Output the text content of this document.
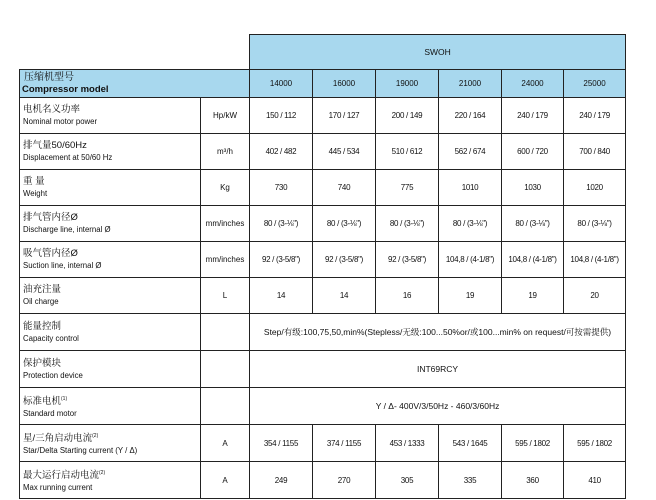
		SWOH					

压缩机型号
Compressor model		14000	16000	19000	21000	24000	25000

电机名义功率
Nominal motor power	Hp/kW	150 / 112	170 / 127	200 / 149	220 / 164	240 / 179	240 / 179

排气量50/60Hz
Displacement at 50/60 Hz	m³/h	402 / 482	445 / 534	510 / 612	562 / 674	600 / 720	700 / 840

重 量
Weight	Kg	730	740	775	1010	1030	1020

排气管内径Ø
Discharge line, internal Ø	mm/inches	80 / (3-⅛")	80 / (3-⅛")	80 / (3-⅛")	80 / (3-⅛")	80 / (3-⅛")	80 / (3-⅛")

吸气管内径Ø
Suction line, internal Ø	mm/inches	92 / (3-5/8")	92 / (3-5/8")	92 / (3-5/8")	104,8 / (4-1/8")	104,8 / (4-1/8")	104,8 / (4-1/8")

油充注量
Oil charge	L	14	14	16	19	19	20

能量控制
Capacity control		Step/有级:100,75,50,min%(Stepless/无级:100...50%or/或100...min% on request/可按需提供)					

保护模块
Protection device		INT69RCY					

标准电机$^{(1)}$
Standard motor		Y / Δ- 400V/3/50Hz - 460/3/60Hz					

星/三角启动电流$^{(2)}$
Star/Delta Starting current (Y / Δ)	A	354 / 1155	374 / 1155	453 / 1333	543 / 1645	595 / 1802	595 / 1802

最大运行启动电流$^{(2)}$
Max running current	A	249	270	305	335	360	410
